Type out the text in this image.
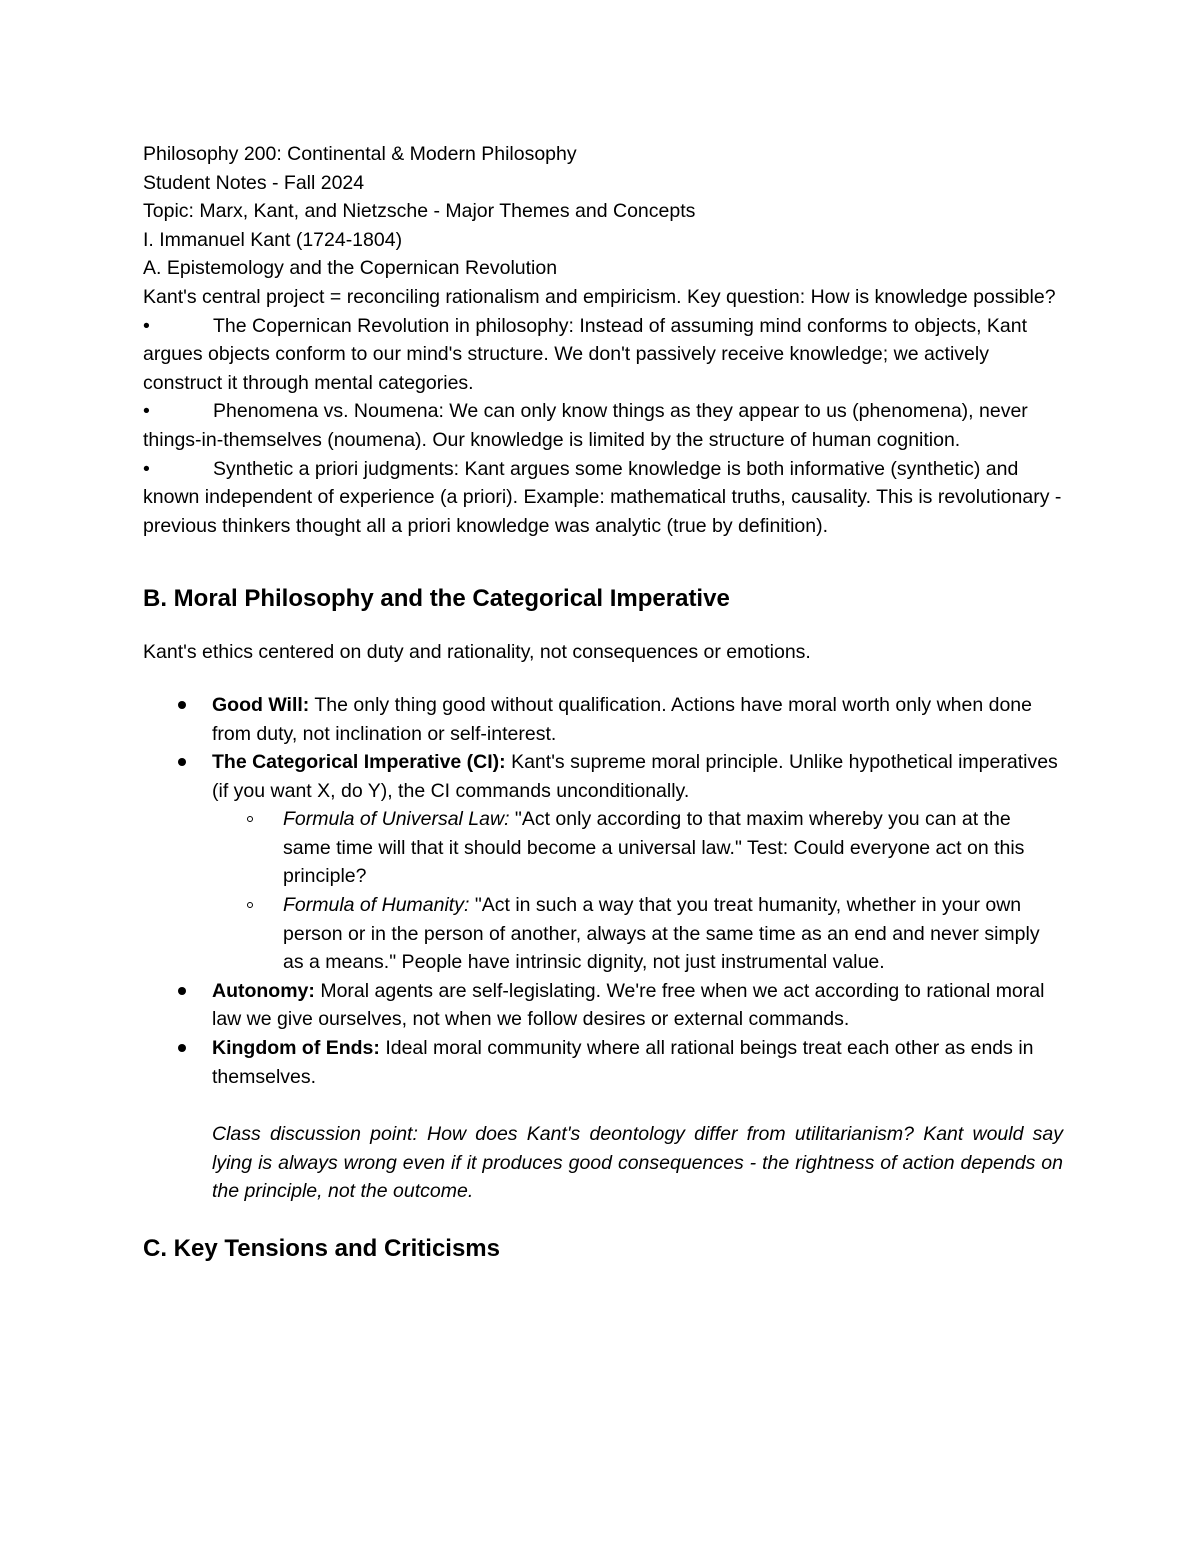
Philosophy 200: Continental & Modern Philosophy

Student Notes - Fall 2024

Topic: Marx, Kant, and Nietzsche - Major Themes and Concepts

I. Immanuel Kant (1724-1804)

A. Epistemology and the Copernican Revolution

Kant's central project = reconciling rationalism and empiricism. Key question: How is knowledge possible?

•	The Copernican Revolution in philosophy: Instead of assuming mind conforms to objects, Kant argues objects conform to our mind's structure. We don't passively receive knowledge; we actively construct it through mental categories.

•	Phenomena vs. Noumena: We can only know things as they appear to us (phenomena), never things-in-themselves (noumena). Our knowledge is limited by the structure of human cognition.

•	Synthetic a priori judgments: Kant argues some knowledge is both informative (synthetic) and known independent of experience (a priori). Example: mathematical truths, causality. This is revolutionary - previous thinkers thought all a priori knowledge was analytic (true by definition).

B. Moral Philosophy and the Categorical Imperative

Kant's ethics centered on duty and rationality, not consequences or emotions.

Good Will: The only thing good without qualification. Actions have moral worth only when done from duty, not inclination or self-interest.
The Categorical Imperative (CI): Kant's supreme moral principle. Unlike hypothetical imperatives (if you want X, do Y), the CI commands unconditionally.
Formula of Universal Law: "Act only according to that maxim whereby you can at the same time will that it should become a universal law." Test: Could everyone act on this principle?
Formula of Humanity: "Act in such a way that you treat humanity, whether in your own person or in the person of another, always at the same time as an end and never simply as a means." People have intrinsic dignity, not just instrumental value.
Autonomy: Moral agents are self-legislating. We're free when we act according to rational moral law we give ourselves, not when we follow desires or external commands.
Kingdom of Ends: Ideal moral community where all rational beings treat each other as ends in themselves.

Class discussion point: How does Kant's deontology differ from utilitarianism? Kant would say lying is always wrong even if it produces good consequences - the rightness of action depends on the principle, not the outcome.

C. Key Tensions and Criticisms
